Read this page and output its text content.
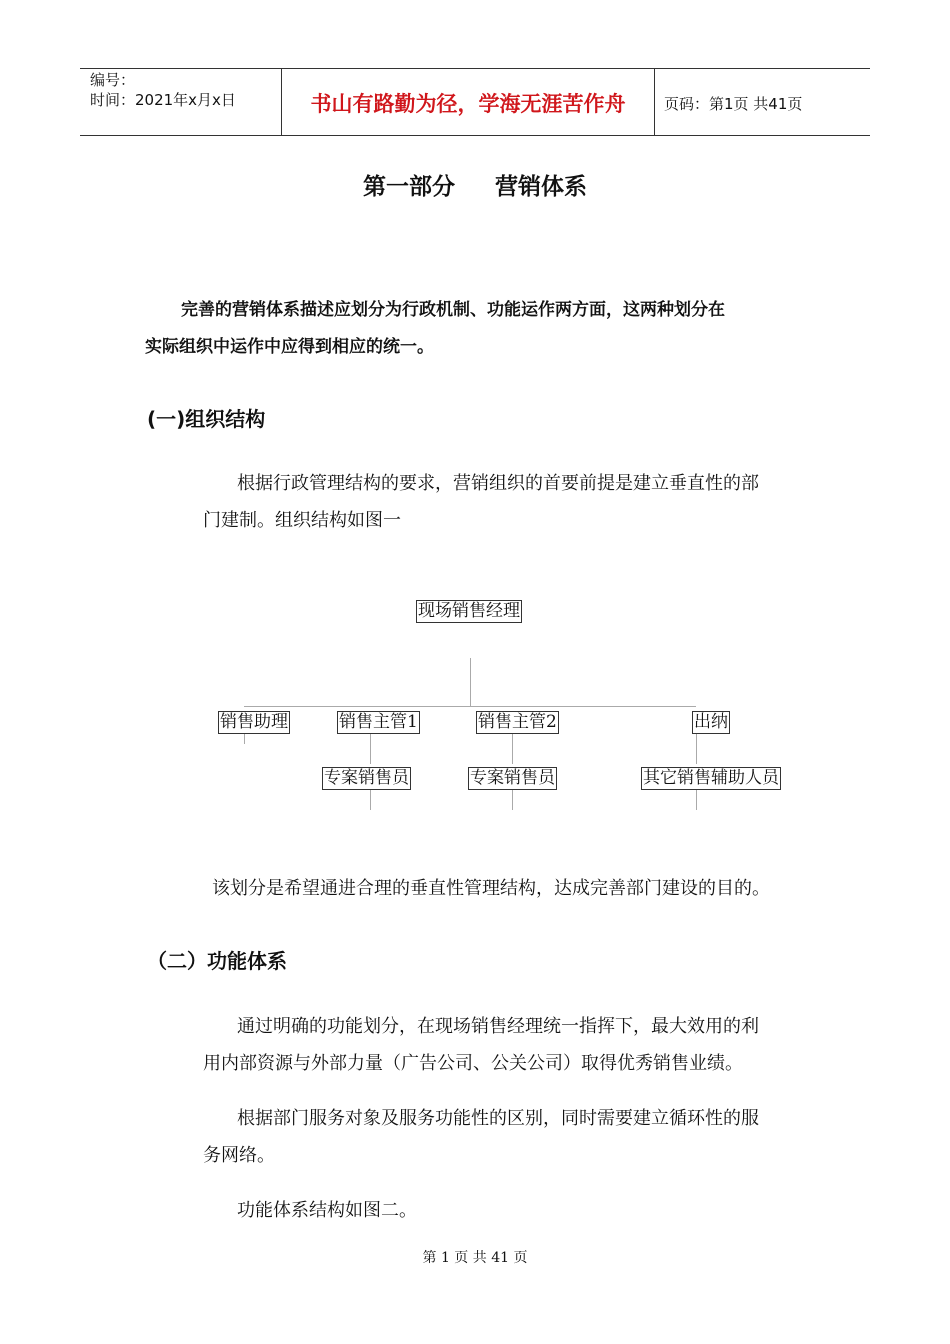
编号：
时间：2021年x月x日	书山有路勤为径，学海无涯苦作舟	页码：第1页 共41页
第一部分 营销体系
完善的营销体系描述应划分为行政机制、功能运作两方面，这两种划分在
实际组织中运作中应得到相应的统一。
(一)组织结构
根据行政管理结构的要求，营销组织的首要前提是建立垂直性的部
门建制。组织结构如图一
现场销售经理
销售助理	销售主管1	销售主管2	出纳
专案销售员	专案销售员	其它销售辅助人员
该划分是希望通进合理的垂直性管理结构，达成完善部门建设的目的。
（二）功能体系
通过明确的功能划分，在现场销售经理统一指挥下，最大效用的利
用内部资源与外部力量（广告公司、公关公司）取得优秀销售业绩。
根据部门服务对象及服务功能性的区别，同时需要建立循环性的服
务网络。
功能体系结构如图二。
第 1 页 共 41 页
